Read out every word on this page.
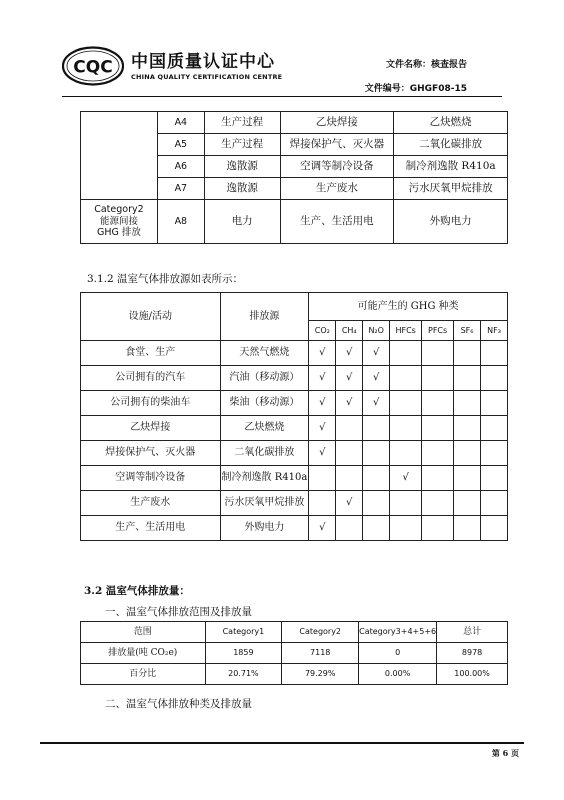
CQC 中国质量认证中心
CHINA QUALITY CERTIFICATION CENTRE
文件名称：核查报告
文件编号：GHGF08-15
	A4	生产过程	乙炔焊接	乙炔燃烧
	A5	生产过程	焊接保护气、灭火器	二氧化碳排放
	A6	逸散源	空调等制冷设备	制冷剂逸散 R410a
	A7	逸散源	生产废水	污水厌氧甲烷排放

Category2
能源间接
GHG 排放	A8	电力	生产、生活用电	外购电力
3.1.2 温室气体排放源如表所示：
设施/活动	排放源	可能产生的 GHG 种类						
		CO₂	CH₄	N₂O	HFCs	PFCs	SF₆	NF₃
食堂、生产	天然气燃烧	√	√	√				
公司拥有的汽车	汽油（移动源）	√	√	√				
公司拥有的柴油车	柴油（移动源）	√	√	√				
乙炔焊接	乙炔燃烧	√						
焊接保护气、灭火器	二氧化碳排放	√						
空调等制冷设备	制冷剂逸散 R410a				√			
生产废水	污水厌氧甲烷排放		√					
生产、生活用电	外购电力	√						
3.2 温室气体排放量：
一、温室气体排放范围及排放量
范围	Category1	Category2	Category3+4+5+6	总计
排放量(吨 CO₂e)	1859	7118	0	8978
百分比	20.71%	79.29%	0.00%	100.00%
二、温室气体排放种类及排放量
第 6 页
